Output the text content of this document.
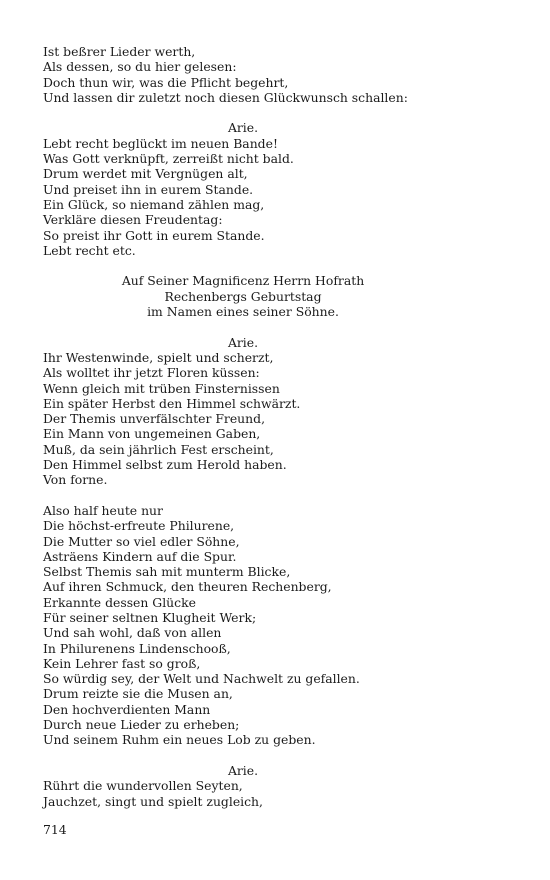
Ist beßrer Lieder werth,
Als dessen, so du hier gelesen:
Doch thun wir, was die Pflicht begehrt,
Und lassen dir zuletzt noch diesen Glückwunsch schallen:
Arie.
Lebt recht beglückt im neuen Bande!
Was Gott verknüpft, zerreißt nicht bald.
Drum werdet mit Vergnügen alt,
Und preiset ihn in eurem Stande.
Ein Glück, so niemand zählen mag,
Verkläre diesen Freudentag:
So preist ihr Gott in eurem Stande.
Lebt recht etc.
Auf Seiner Magnificenz Herrn Hofrath
Rechenbergs Geburtstag
im Namen eines seiner Söhne.
Arie.
Ihr Westenwinde, spielt und scherzt,
Als wolltet ihr jetzt Floren küssen:
Wenn gleich mit trüben Finsternissen
Ein später Herbst den Himmel schwärzt.
Der Themis unverfälschter Freund,
Ein Mann von ungemeinen Gaben,
Muß, da sein jährlich Fest erscheint,
Den Himmel selbst zum Herold haben.
Von forne.
Also half heute nur
Die höchst-erfreute Philurene,
Die Mutter so viel edler Söhne,
Asträens Kindern auf die Spur.
Selbst Themis sah mit munterm Blicke,
Auf ihren Schmuck, den theuren Rechenberg,
Erkannte dessen Glücke
Für seiner seltnen Klugheit Werk;
Und sah wohl, daß von allen
In Philurenens Lindenschooß,
Kein Lehrer fast so groß,
So würdig sey, der Welt und Nachwelt zu gefallen.
Drum reizte sie die Musen an,
Den hochverdienten Mann
Durch neue Lieder zu erheben;
Und seinem Ruhm ein neues Lob zu geben.
Arie.
Rührt die wundervollen Seyten,
Jauchzet, singt und spielt zugleich,
714
